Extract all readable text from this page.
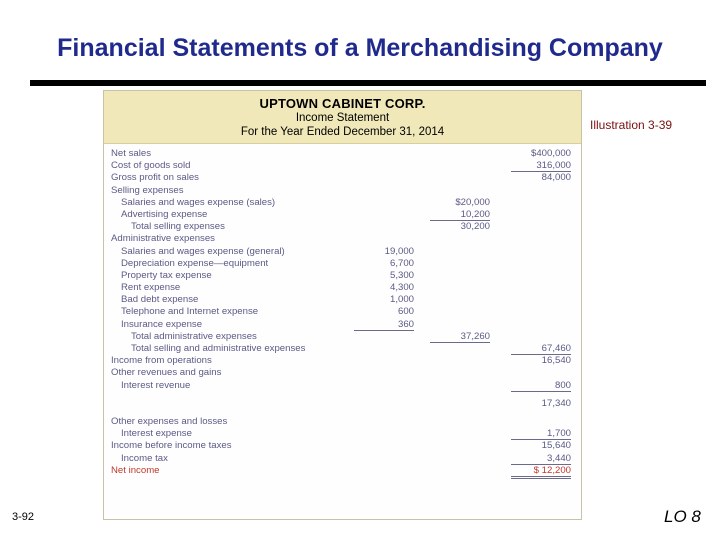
Financial Statements of a Merchandising Company
UPTOWN CABINET CORP.
Income Statement
For the Year Ended December 31, 2014
Net sales	$400,000
Cost of goods sold	316,000
Gross profit on sales	84,000
Selling expenses
Salaries and wages expense (sales)	$20,000
Advertising expense	10,200
Total selling expenses	30,200
Administrative expenses
Salaries and wages expense (general)	19,000
Depreciation expense—equipment	6,700
Property tax expense	5,300
Rent expense	4,300
Bad debt expense	1,000
Telephone and Internet expense	600
Insurance expense	360
Total administrative expenses	37,260
Total selling and administrative expenses	67,460
Income from operations	16,540
Other revenues and gains
Interest revenue	800
17,340
Other expenses and losses
Interest expense	1,700
Income before income taxes	15,640
Income tax	3,440
Net income	$ 12,200
Illustration 3-39
3-92	LO 8
